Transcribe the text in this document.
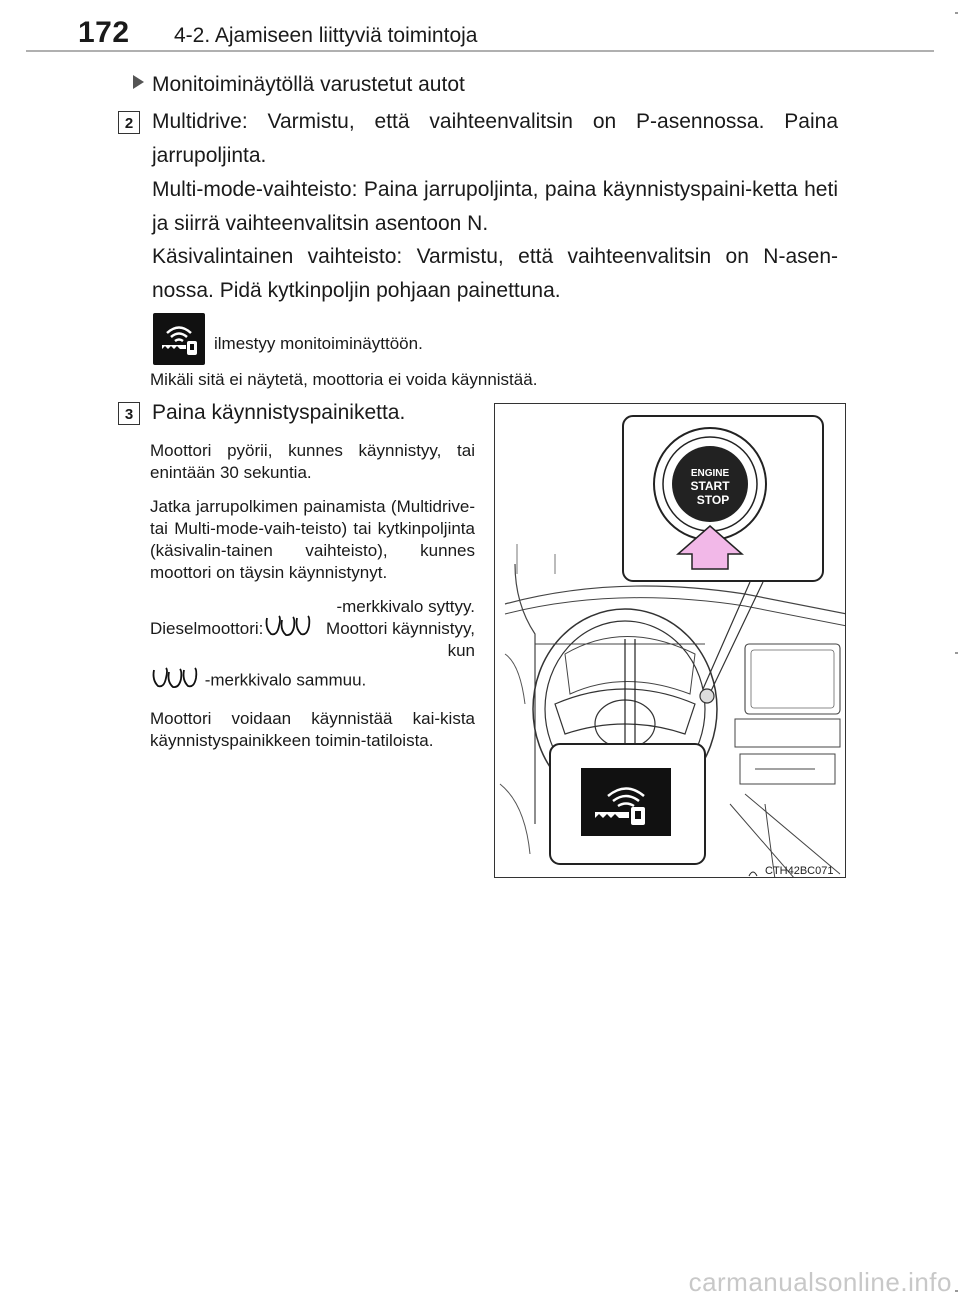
172 4-2. Ajamiseen liittyviä toimintoja
Monitoiminäytöllä varustetut autot
2 Multidrive: Varmistu, että vaihteenvalitsin on P-asennossa. Paina jarrupoljinta.
Multi-mode-vaihteisto: Paina jarrupoljinta, paina käynnistyspaini-ketta heti ja siirrä vaihteenvalitsin asentoon N.
Käsivalintainen vaihteisto: Varmistu, että vaihteenvalitsin on N-asen-nossa. Pidä kytkinpoljin pohjaan painettuna.
ilmestyy monitoiminäyttöön.
Mikäli sitä ei näytetä, moottoria ei voida käynnistää.
3 Paina käynnistyspainiketta.
Moottori pyörii, kunnes käynnistyy, tai enintään 30 sekuntia.
Jatka jarrupolkimen painamista (Multidrive- tai Multi-mode-vaih-teisto) tai kytkinpoljinta (käsivalin-tainen vaihteisto), kunnes moottori on täysin käynnistynyt.
Dieselmoottori:
-merkkivalo syttyy. Moottori käynnistyy, kun
-merkkivalo sammuu.
Moottori voidaan käynnistää kai-kista käynnistyspainikkeen toimin-tatiloista.
ENGINE
START
STOP
CTH42BC071
carmanualsonline.info
